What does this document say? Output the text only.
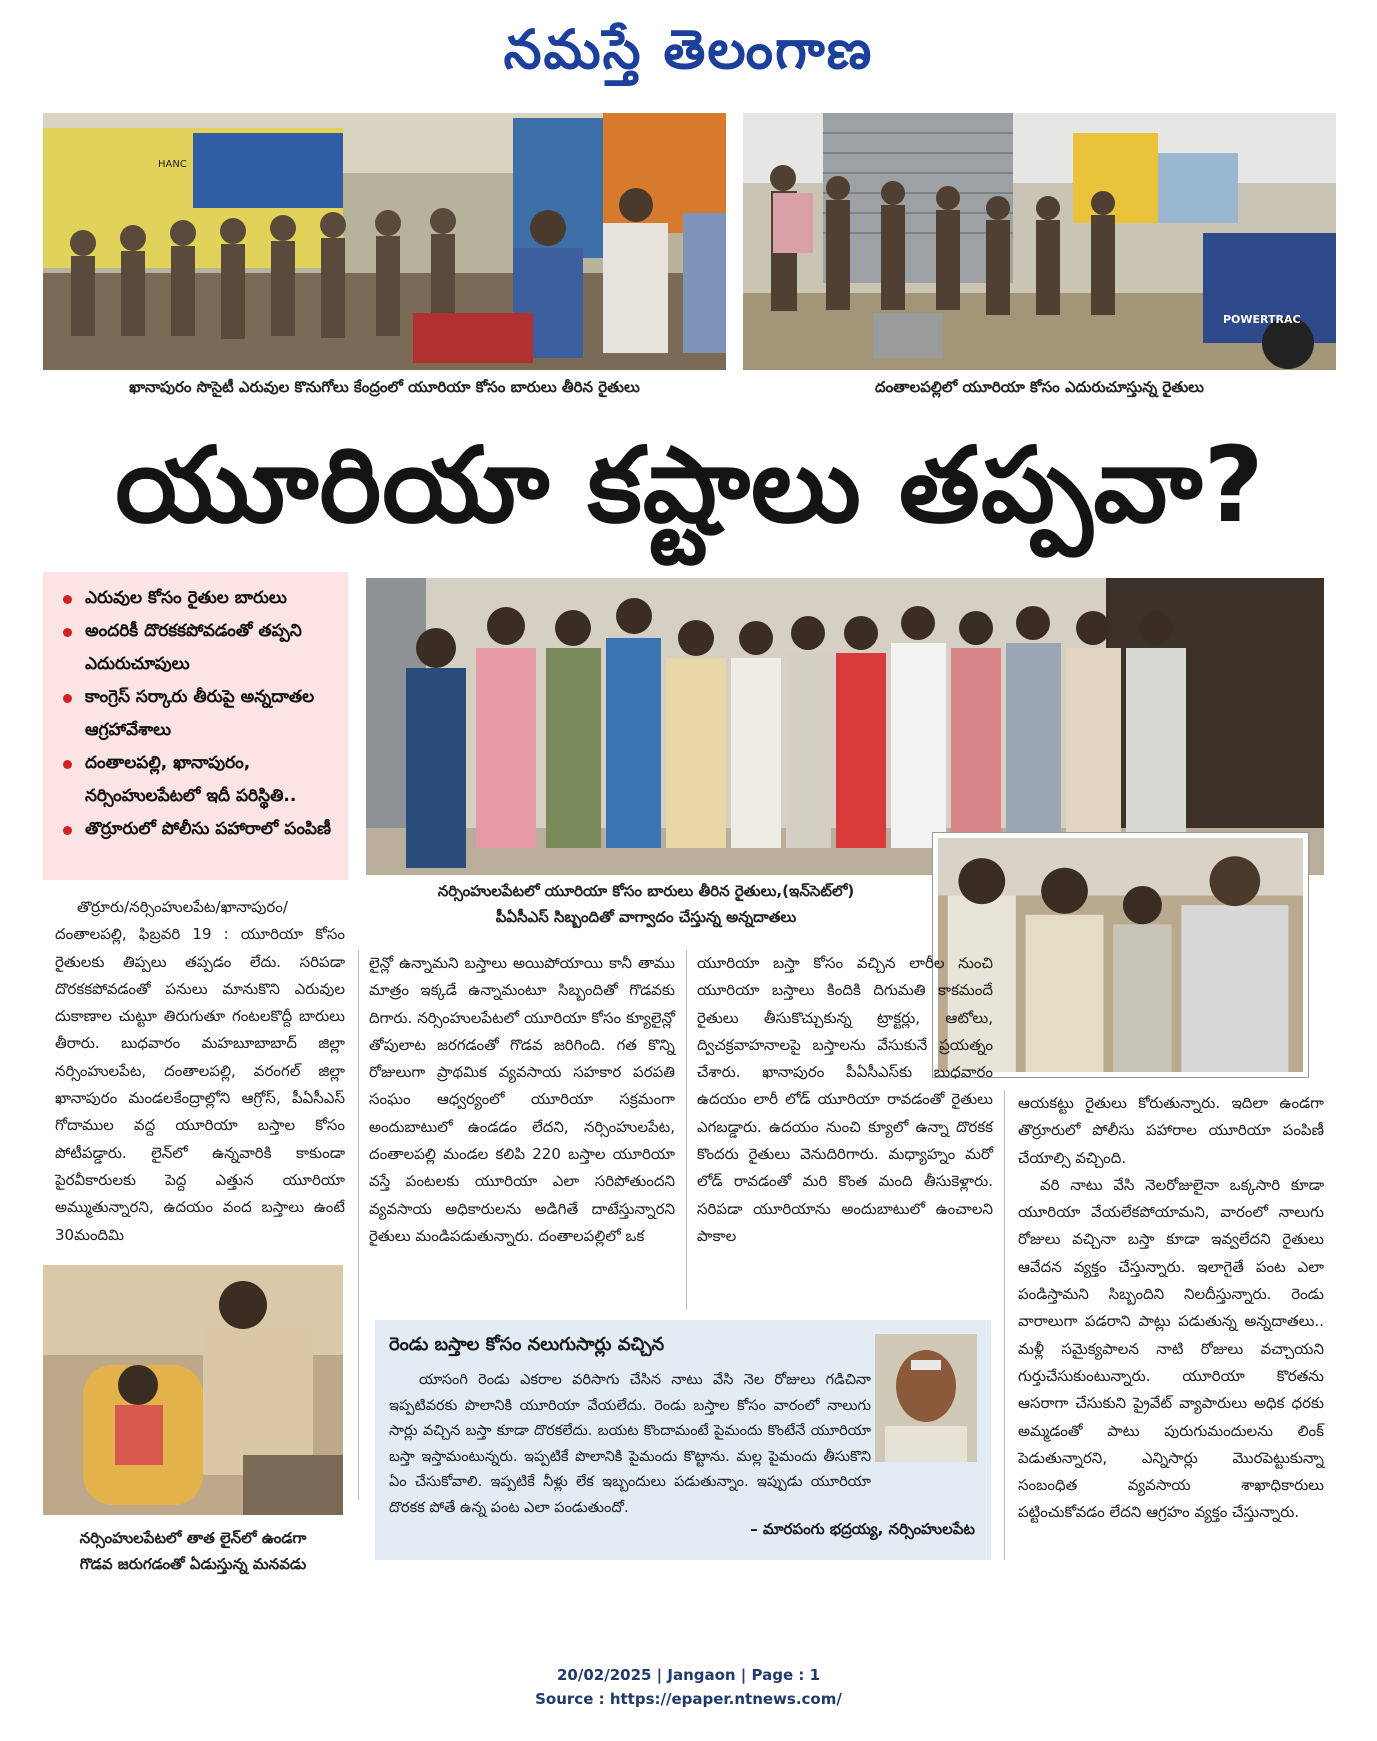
నమస్తే తెలంగాణ
HANC
ఖానాపురం సొసైటీ ఎరువుల కొనుగోలు కేంద్రంలో యూరియా కోసం బారులు తీరిన రైతులు
POWERTRAC
దంతాలపల్లిలో యూరియా కోసం ఎదురుచూస్తున్న రైతులు
యూరియా కష్టాలు తప్పవా?
ఎరువుల కోసం రైతుల బారులు
అందరికీ దొరకకపోవడంతో తప్పని ఎదురుచూపులు
కాంగ్రెస్‌ సర్కారు తీరుపై అన్నదాతల ఆగ్రహావేశాలు
దంతాలపల్లి, ఖానాపురం, నర్సింహులపేటలో ఇదీ పరిస్థితి..
తొర్రూరులో పోలీసు పహారాలో పంపిణీ
నర్సింహులపేటలో యూరియా కోసం బారులు తీరిన రైతులు,(ఇన్‌సెట్‌లో)
పీఏసీఎస్‌ సిబ్బందితో వాగ్వాదం చేస్తున్న అన్నదాతలు

తొర్రూరు/నర్సింహులపేట/ఖానాపురం/దంతాలపల్లి, ఫిబ్రవరి 19 : యూరియా కోసం రైతులకు తిప్పలు తప్పడం లేదు. సరిపడా దొరకకపోవడంతో పనులు మానుకొని ఎరువుల దుకాణాల చుట్టూ తిరుగుతూ గంటలకొద్దీ బారులు తీరారు. బుధవారం మహబూబాబాద్‌ జిల్లా నర్సింహులపేట, దంతాలపల్లి, వరంగల్‌ జిల్లా ఖానాపురం మండలకేంద్రాల్లోని ఆగ్రోస్‌, పీఏసీఎస్‌ గోదాముల వద్ద యూరియా బస్తాల కోసం పోటీపడ్డారు. లైన్‌లో ఉన్నవారికి కాకుండా పైరవీకారులకు పెద్ద ఎత్తున యూరియా అమ్ముతున్నారని, ఉదయం వంద బస్తాలు ఉంటే 30మందిమి

లైన్లో ఉన్నామని బస్తాలు అయిపోయాయి కానీ తాము మాత్రం ఇక్కడే ఉన్నామంటూ సిబ్బందితో గొడవకు దిగారు. నర్సింహులపేటలో యూరియా కోసం క్యూలైన్లో తోపులాట జరగడంతో గొడవ జరిగింది. గత కొన్ని రోజులుగా ప్రాథమిక వ్యవసాయ సహకార పరపతి సంఘం ఆధ్వర్యంలో యూరియా సక్రమంగా అందుబాటులో ఉండడం లేదని, నర్సింహులపేట, దంతాలపల్లి మండల కలిపి 220 బస్తాల యూరియా వస్తే పంటలకు యూరియా ఎలా సరిపోతుందని వ్యవసాయ అధికారులను అడిగితే దాటేస్తున్నారని రైతులు మండిపడుతున్నారు. దంతాలపల్లిలో ఒక

యూరియా బస్తా కోసం వచ్చిన లారీల నుంచి యూరియా బస్తాలు కిందికి దిగుమతి కాకమందే రైతులు తీసుకొచ్చుకున్న ట్రాక్టర్లు, ఆటోలు, ద్విచక్రవాహనాలపై బస్తాలను వేసుకునే ప్రయత్నం చేశారు. ఖానాపురం పీఏసీఎస్‌కు బుధవారం ఉదయం లారీ లోడ్‌ యూరియా రావడంతో రైతులు ఎగబడ్డారు. ఉదయం నుంచి క్యూలో ఉన్నా దొరకక కొందరు రైతులు వెనుదిరిగారు. మధ్యాహ్నం మరో లోడ్‌ రావడంతో మరి కొంత మంది తీసుకెళ్లారు. సరిపడా యూరియాను అందుబాటులో ఉంచాలని పాకాల

ఆయకట్టు రైతులు కోరుతున్నారు. ఇదిలా ఉండగా తొర్రూరులో పోలీసు పహారాల యూరియా పంపిణీ చేయాల్సి వచ్చింది.

వరి నాటు వేసి నెలరోజులైనా ఒక్కసారి కూడా యూరియా వేయలేకపోయామని, వారంలో నాలుగు రోజులు వచ్చినా బస్తా కూడా ఇవ్వలేదని రైతులు ఆవేదన వ్యక్తం చేస్తున్నారు. ఇలాగైతే పంట ఎలా పండిస్తామని సిబ్బందిని నిలదీస్తున్నారు. రెండు వారాలుగా పడరాని పాట్లు పడుతున్న అన్నదాతలు.. మళ్లీ సమైక్యపాలన నాటి రోజులు వచ్చాయని గుర్తుచేసుకుంటున్నారు. యూరియా కొరతను ఆసరాగా చేసుకుని ప్రైవేట్‌ వ్యాపారులు అధిక ధరకు అమ్మడంతో పాటు పురుగుమందులను లింక్‌ పెడుతున్నారని, ఎన్నిసార్లు మొరపెట్టుకున్నా సంబంధిత వ్యవసాయ శాఖాధికారులు పట్టించుకోవడం లేదని ఆగ్రహం వ్యక్తం చేస్తున్నారు.

నర్సింహులపేటలో తాత లైన్‌లో ఉండగా
గొడవ జరుగడంతో ఏడుస్తున్న మనవడు
రెండు బస్తాల కోసం నలుగుసార్లు వచ్చిన

యాసంగి రెండు ఎకరాల వరిసాగు చేసిన నాటు వేసి నెల రోజులు గడిచినా ఇప్పటివరకు పొలానికి యూరియా వేయలేదు. రెండు బస్తాల కోసం వారంలో నాలుగు సార్లు వచ్చిన బస్తా కూడా దొరకలేదు. బయట కొందామంటే పైమందు కొంటేనే యూరియా బస్తా ఇస్తామంటున్నరు. ఇప్పటికే పొలానికి పైమందు కొట్టాను. మల్ల పైమందు తీసుకొని ఏం చేసుకోవాలి. ఇప్పటికే నీళ్లు లేక ఇబ్బందులు పడుతున్నాం. ఇప్పుడు యూరియా దొరకక పోతే ఉన్న పంట ఎలా పండుతుందో.

– మారపంగు భద్రయ్య, నర్సింహులపేట
20/02/2025 | Jangaon | Page : 1
Source : https://epaper.ntnews.com/
